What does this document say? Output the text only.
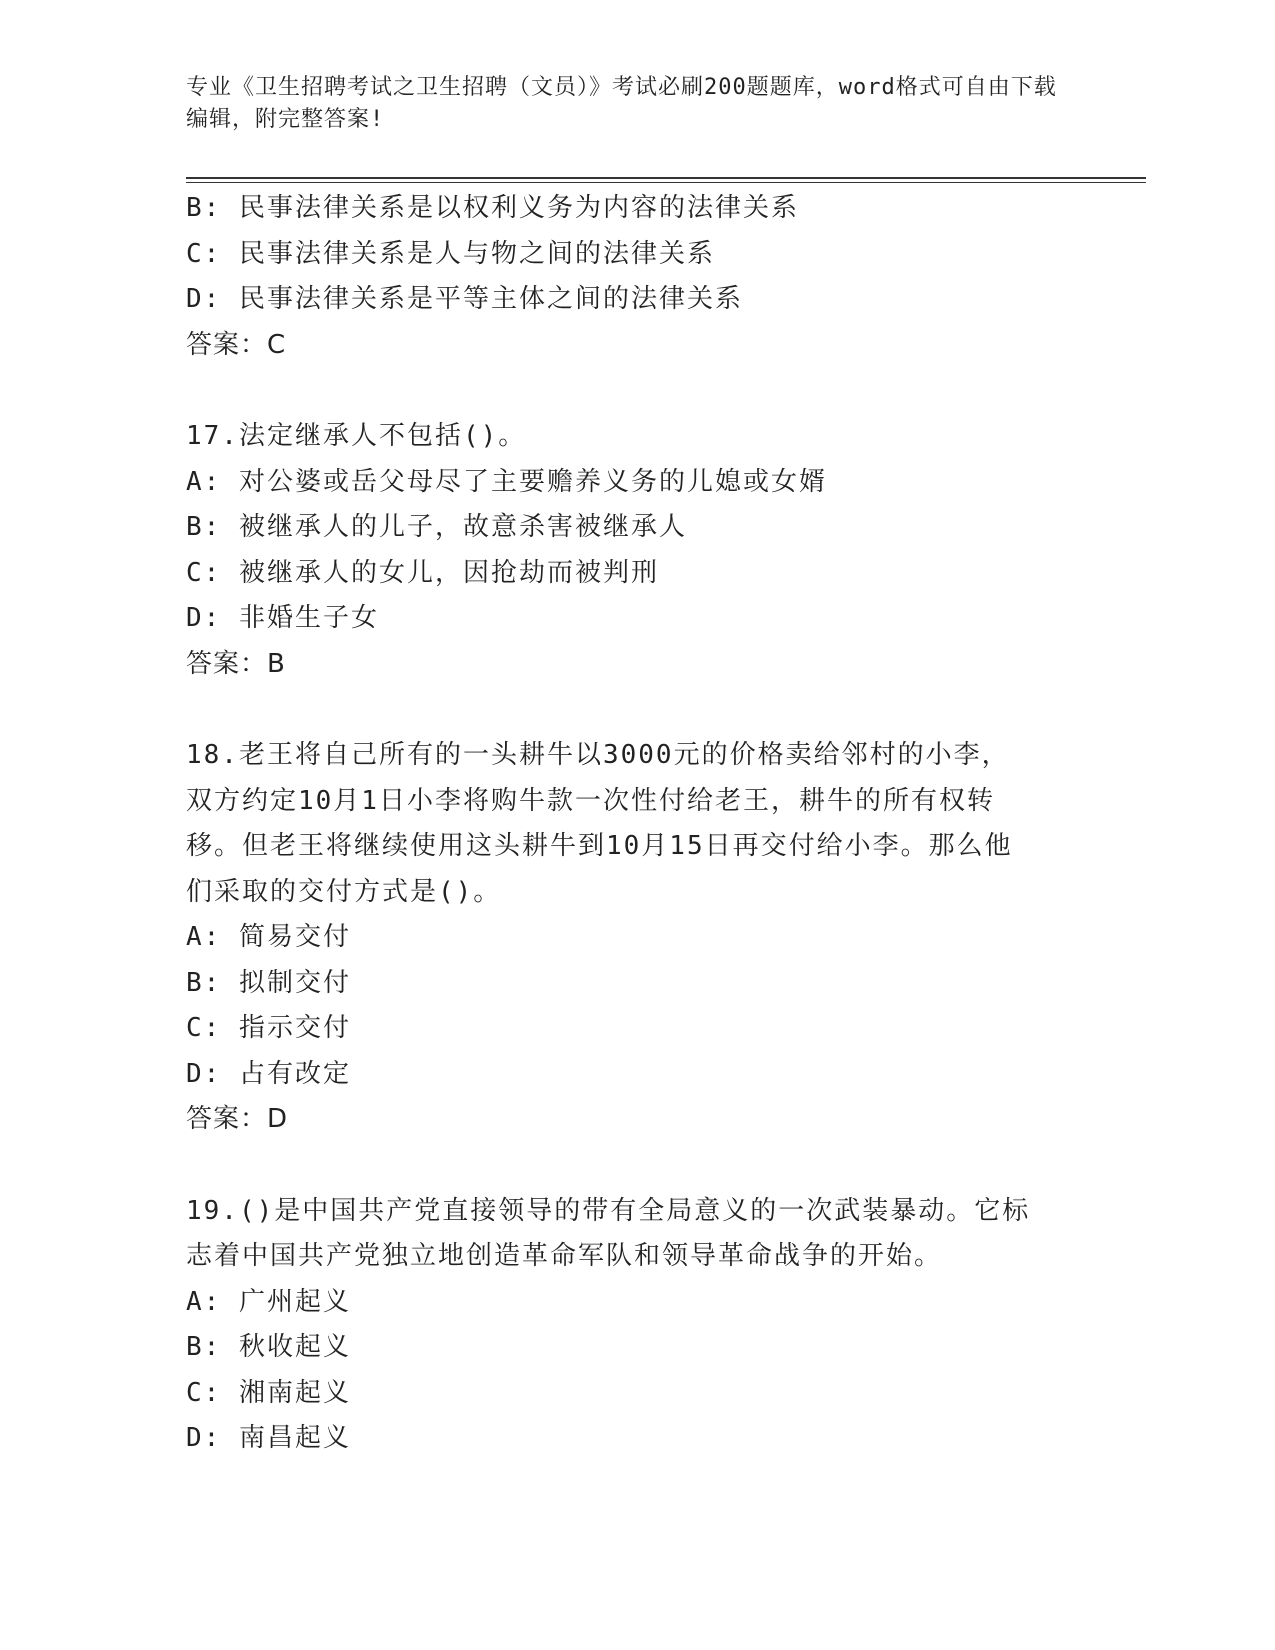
专业《卫生招聘考试之卫生招聘（文员）》考试必刷200题题库，word格式可自由下载编辑，附完整答案!

B: 民事法律关系是以权利义务为内容的法律关系

C: 民事法律关系是人与物之间的法律关系

D: 民事法律关系是平等主体之间的法律关系

答案：C

17.法定继承人不包括()。

A: 对公婆或岳父母尽了主要赡养义务的儿媳或女婿

B: 被继承人的儿子，故意杀害被继承人

C: 被继承人的女儿，因抢劫而被判刑

D: 非婚生子女

答案：B

18.老王将自己所有的一头耕牛以3000元的价格卖给邻村的小李，双方约定10月1日小李将购牛款一次性付给老王，耕牛的所有权转移。但老王将继续使用这头耕牛到10月15日再交付给小李。那么他们采取的交付方式是()。

A: 简易交付

B: 拟制交付

C: 指示交付

D: 占有改定

答案：D

19.()是中国共产党直接领导的带有全局意义的一次武装暴动。它标志着中国共产党独立地创造革命军队和领导革命战争的开始。

A: 广州起义

B: 秋收起义

C: 湘南起义

D: 南昌起义
